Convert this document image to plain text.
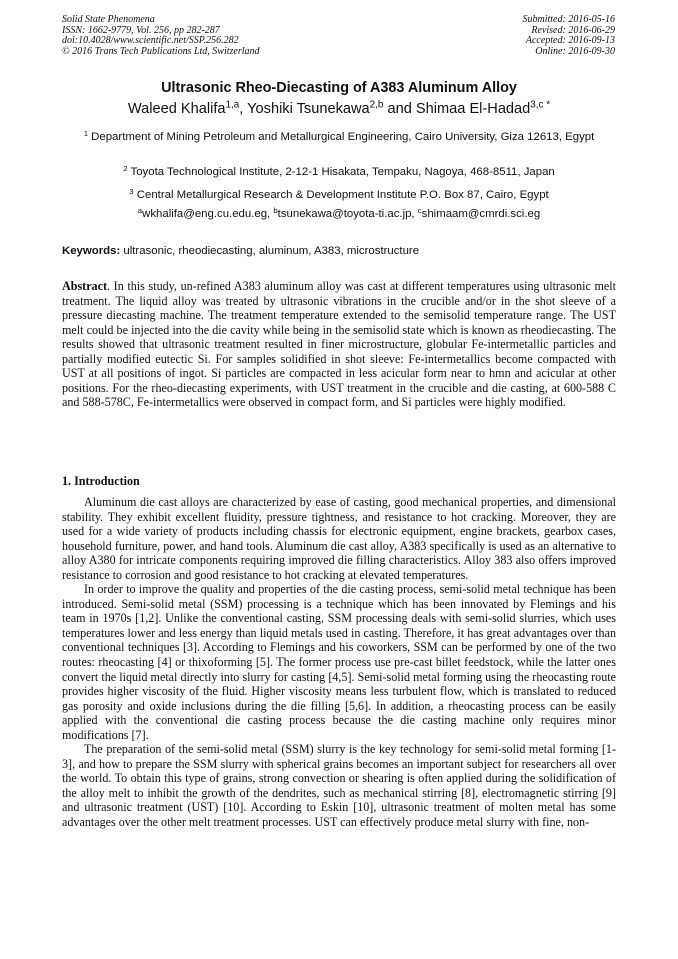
Solid State Phenomena
ISSN: 1662-9779, Vol. 256, pp 282-287
doi:10.4028/www.scientific.net/SSP.256.282
© 2016 Trans Tech Publications Ltd, Switzerland
Submitted: 2016-05-16
Revised: 2016-06-29
Accepted: 2016-09-13
Online: 2016-09-30
Ultrasonic Rheo-Diecasting of A383 Aluminum Alloy
Waleed Khalifa$^{1,a}$, Yoshiki Tsunekawa$^{2,b}$ and Shimaa El-Hadad$^{3,c *}$
$^1$ Department of Mining Petroleum and Metallurgical Engineering, Cairo University, Giza 12613, Egypt
$^2$ Toyota Technological Institute, 2-12-1 Hisakata, Tempaku, Nagoya, 468-8511, Japan
$^3$ Central Metallurgical Research & Development Institute P.O. Box 87, Cairo, Egypt
$^a$wkhalifa@eng.cu.edu.eg, $^b$tsunekawa@toyota-ti.ac.jp, $^c$shimaam@cmrdi.sci.eg
Keywords: ultrasonic, rheodiecasting, aluminum, A383, microstructure
Abstract. In this study, un-refined A383 aluminum alloy was cast at different temperatures using ultrasonic melt treatment. The liquid alloy was treated by ultrasonic vibrations in the crucible and/or in the shot sleeve of a pressure diecasting machine. The treatment temperature extended to the semisolid temperature range. The UST melt could be injected into the die cavity while being in the semisolid state which is known as rheodiecasting. The results showed that ultrasonic treatment resulted in finer microstructure, globular Fe-intermetallic particles and partially modified eutectic Si. For samples solidified in shot sleeve: Fe-intermetallics become compacted with UST at all positions of ingot. Si particles are compacted in less acicular form near to hmn and acicular at other positions. For the rheo-diecasting experiments, with UST treatment in the crucible and die casting, at 600-588 C and 588-578C, Fe-intermetallics were observed in compact form, and Si particles were highly modified.
1. Introduction

Aluminum die cast alloys are characterized by ease of casting, good mechanical properties, and dimensional stability. They exhibit excellent fluidity, pressure tightness, and resistance to hot cracking. Moreover, they are used for a wide variety of products including chassis for electronic equipment, engine brackets, gearbox cases, household furniture, power, and hand tools. Aluminum die cast alloy, A383 specifically is used as an alternative to alloy A380 for intricate components requiring improved die filling characteristics. Alloy 383 also offers improved resistance to corrosion and good resistance to hot cracking at elevated temperatures.

In order to improve the quality and properties of the die casting process, semi-solid metal technique has been introduced. Semi-solid metal (SSM) processing is a technique which has been innovated by Flemings and his team in 1970s [1,2]. Unlike the conventional casting, SSM processing deals with semi-solid slurries, which uses temperatures lower and less energy than liquid metals used in casting. Therefore, it has great advantages over than conventional techniques [3]. According to Flemings and his coworkers, SSM can be performed by one of the two routes: rheocasting [4] or thixoforming [5]. The former process use pre-cast billet feedstock, while the latter ones convert the liquid metal directly into slurry for casting [4,5]. Semi-solid metal forming using the rheocasting route provides higher viscosity of the fluid. Higher viscosity means less turbulent flow, which is translated to reduced gas porosity and oxide inclusions during the die filling [5,6]. In addition, a rheocasting process can be easily applied with the conventional die casting process because the die casting machine only requires minor modifications [7].

The preparation of the semi-solid metal (SSM) slurry is the key technology for semi-solid metal forming [1-3], and how to prepare the SSM slurry with spherical grains becomes an important subject for researchers all over the world. To obtain this type of grains, strong convection or shearing is often applied during the solidification of the alloy melt to inhibit the growth of the dendrites, such as mechanical stirring [8], electromagnetic stirring [9] and ultrasonic treatment (UST) [10]. According to Eskin [10], ultrasonic treatment of molten metal has some advantages over the other melt treatment processes. UST can effectively produce metal slurry with fine, non-
